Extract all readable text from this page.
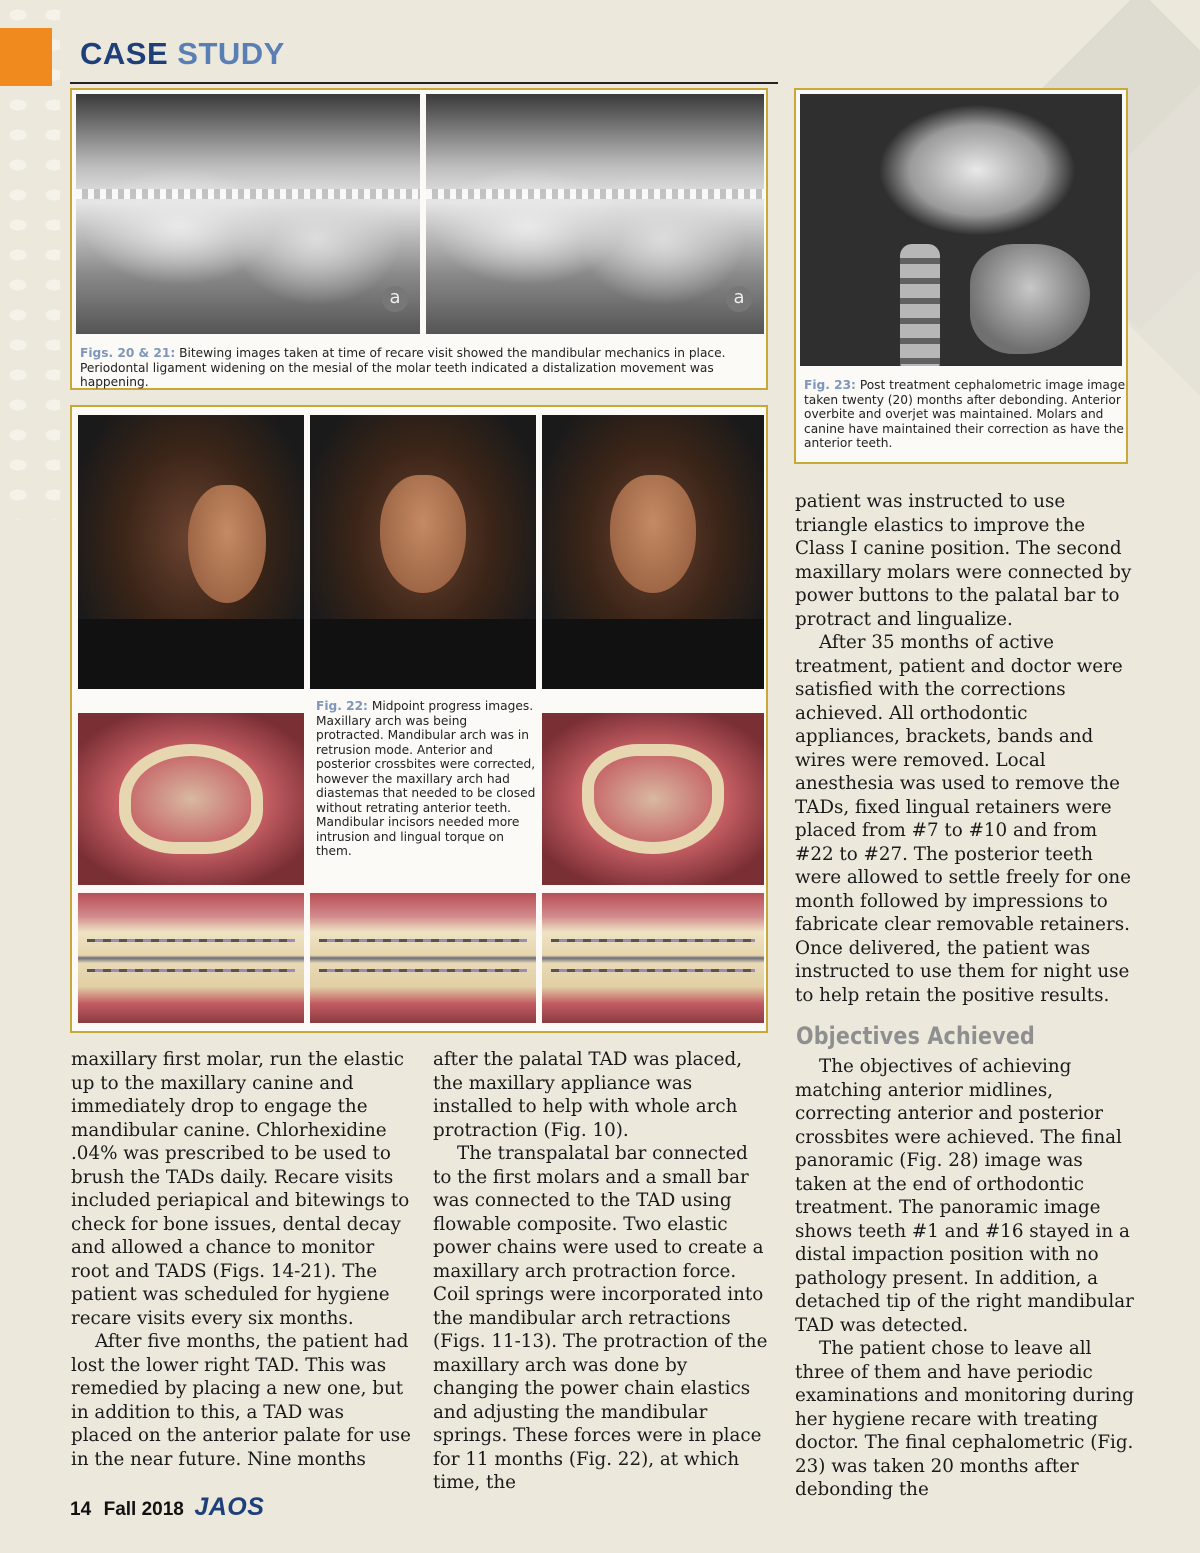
CASE STUDY
a	a
Figs. 20 & 21: Bitewing images taken at time of recare visit showed the mandibular mechanics in place. Periodontal ligament widening on the mesial of the molar teeth indicated a distalization movement was happening.	Fig. 23: Post treatment cephalometric image image taken twenty (20) months after debonding. Anterior overbite and overjet was maintained. Molars and canine have maintained their correction as have the anterior teeth.
Fig. 22: Midpoint progress images. Maxillary arch was being protracted. Mandibular arch was in retrusion mode. Anterior and posterior crossbites were corrected, however the maxillary arch had diastemas that needed to be closed without retrating anterior teeth. Mandibular incisors needed more intrusion and lingual torque on them.

maxillary first molar, run the elastic up to the maxillary canine and immediately drop to engage the mandibular canine. Chlorhexidine .04% was prescribed to be used to brush the TADs daily. Recare visits included periapical and bitewings to check for bone issues, dental decay and allowed a chance to monitor root and TADS (Figs. 14-21). The patient was scheduled for hygiene recare visits every six months.

After five months, the patient had lost the lower right TAD. This was remedied by placing a new one, but in addition to this, a TAD was placed on the anterior palate for use in the near future. Nine months

after the palatal TAD was placed, the maxillary appliance was installed to help with whole arch protraction (Fig. 10).

The transpalatal bar connected to the first molars and a small bar was connected to the TAD using flowable composite. Two elastic power chains were used to create a maxillary arch protraction force. Coil springs were incorporated into the mandibular arch retractions (Figs. 11-13). The protraction of the maxillary arch was done by changing the power chain elastics and adjusting the mandibular springs. These forces were in place for 11 months (Fig. 22), at which time, the

patient was instructed to use triangle elastics to improve the Class I canine position. The second maxillary molars were connected by power buttons to the palatal bar to protract and lingualize.

After 35 months of active treatment, patient and doctor were satisfied with the corrections achieved. All orthodontic appliances, brackets, bands and wires were removed. Local anesthesia was used to remove the TADs, fixed lingual retainers were placed from #7 to #10 and from #22 to #27. The posterior teeth were allowed to settle freely for one month followed by impressions to fabricate clear removable retainers. Once delivered, the patient was instructed to use them for night use to help retain the positive results.

Objectives Achieved

The objectives of achieving matching anterior midlines, correcting anterior and posterior crossbites were achieved. The final panoramic (Fig. 28) image was taken at the end of orthodontic treatment. The panoramic image shows teeth #1 and #16 stayed in a distal impaction position with no pathology present. In addition, a detached tip of the right mandibular TAD was detected.

The patient chose to leave all three of them and have periodic examinations and monitoring during her hygiene recare with treating doctor. The final cephalometric (Fig. 23) was taken 20 months after debonding the

14 Fall 2018 JAOS
